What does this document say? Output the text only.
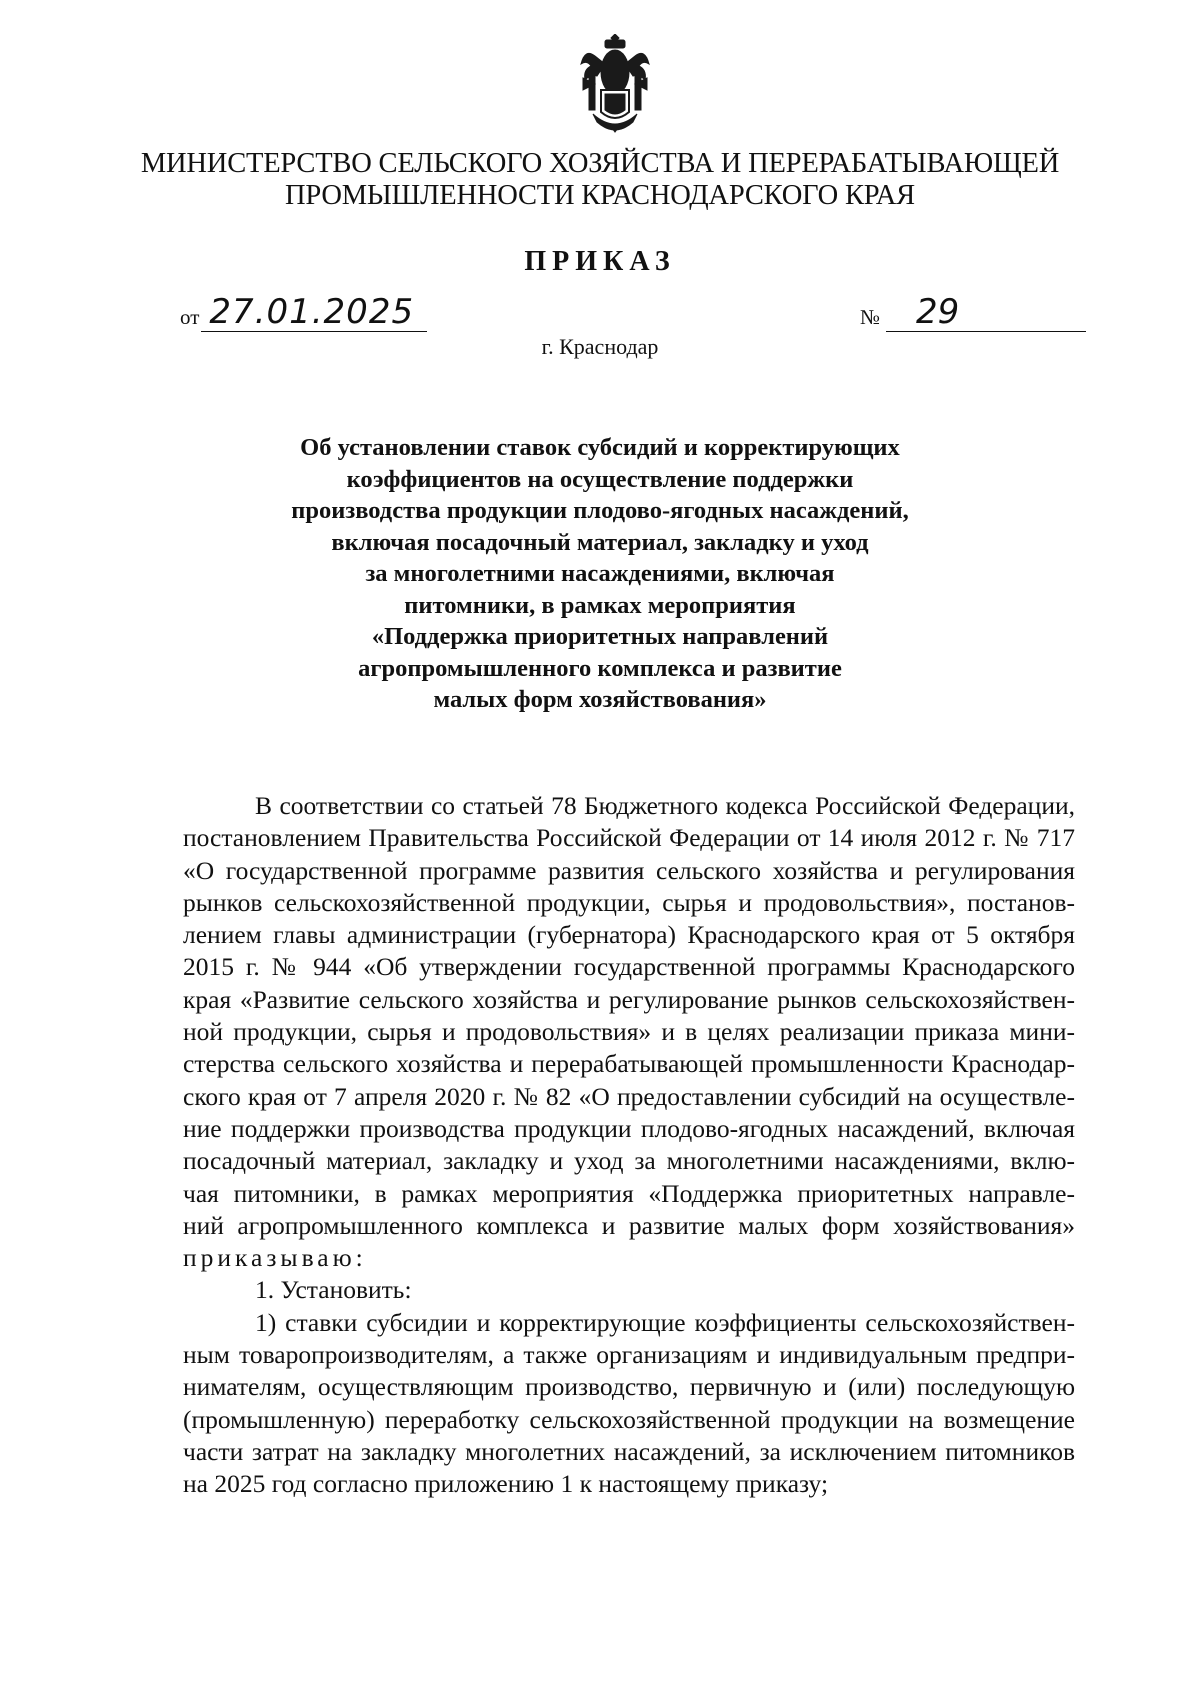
МИНИСТЕРСТВО СЕЛЬСКОГО ХОЗЯЙСТВА И ПЕРЕРАБАТЫВАЮЩЕЙ
ПРОМЫШЛЕННОСТИ КРАСНОДАРСКОГО КРАЯ
ПРИКАЗ
от 27.01.2025	№	29
г. Краснодар
Об установлении ставок субсидий и корректирующих
коэффициентов на осуществление поддержки
производства продукции плодово-ягодных насаждений,
включая посадочный материал, закладку и уход
за многолетними насаждениями, включая
питомники, в рамках мероприятия
«Поддержка приоритетных направлений
агропромышленного комплекса и развитие
малых форм хозяйствования»
В соответствии со статьей 78 Бюджетного кодекса Российской Федерации,
постановлением Правительства Российской Федерации от 14 июля 2012 г. № 717
«О государственной программе развития сельского хозяйства и регулирования
рынков сельскохозяйственной продукции, сырья и продовольствия», постанов-
лением главы администрации (губернатора) Краснодарского края от 5 октября
2015 г. № 944 «Об утверждении государственной программы Краснодарского
края «Развитие сельского хозяйства и регулирование рынков сельскохозяйствен-
ной продукции, сырья и продовольствия» и в целях реализации приказа мини-
стерства сельского хозяйства и перерабатывающей промышленности Краснодар-
ского края от 7 апреля 2020 г. № 82 «О предоставлении субсидий на осуществле-
ние поддержки производства продукции плодово-ягодных насаждений, включая
посадочный материал, закладку и уход за многолетними насаждениями, вклю-
чая питомники, в рамках мероприятия «Поддержка приоритетных направле-
ний агропромышленного комплекса и развитие малых форм хозяйствования»
приказываю:
1. Установить:
1) ставки субсидии и корректирующие коэффициенты сельскохозяйствен-
ным товаропроизводителям, а также организациям и индивидуальным предпри-
нимателям, осуществляющим производство, первичную и (или) последующую
(промышленную) переработку сельскохозяйственной продукции на возмещение
части затрат на закладку многолетних насаждений, за исключением питомников
на 2025 год согласно приложению 1 к настоящему приказу;
